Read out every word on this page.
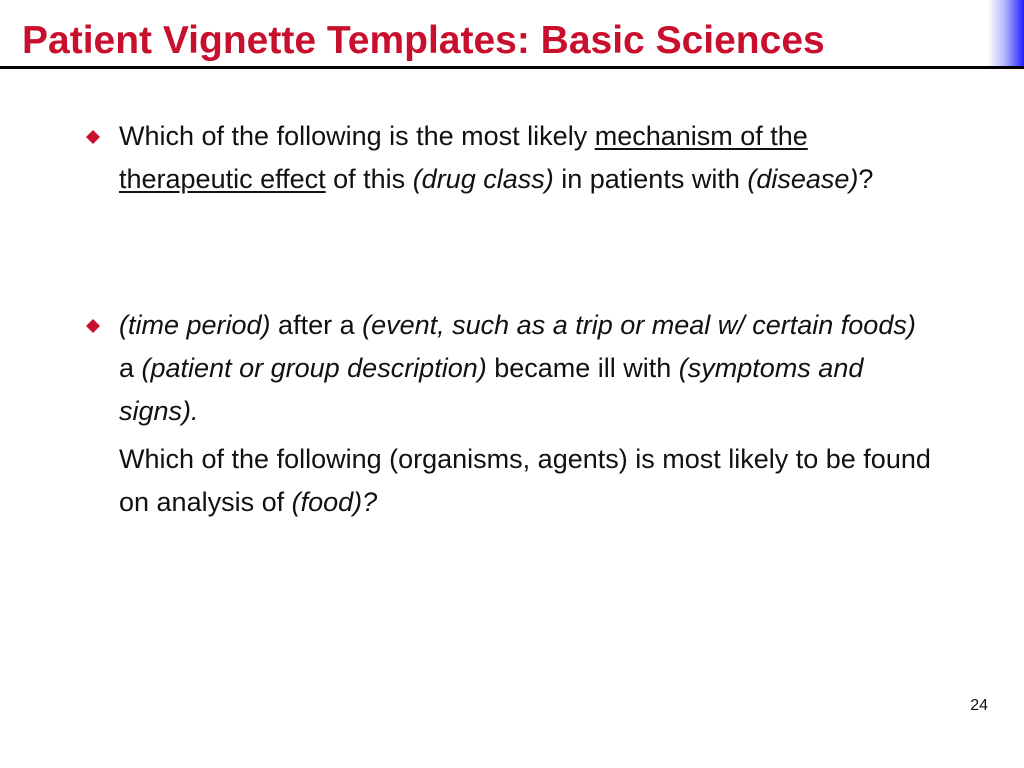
Patient Vignette Templates: Basic Sciences

Which of the following is the most likely mechanism of the therapeutic effect of this (drug class) in patients with (disease)?

(time period) after a (event, such as a trip or meal w/ certain foods) a (patient or group description) became ill with (symptoms and signs).

Which of the following (organisms, agents) is most likely to be found on analysis of (food)?

24
